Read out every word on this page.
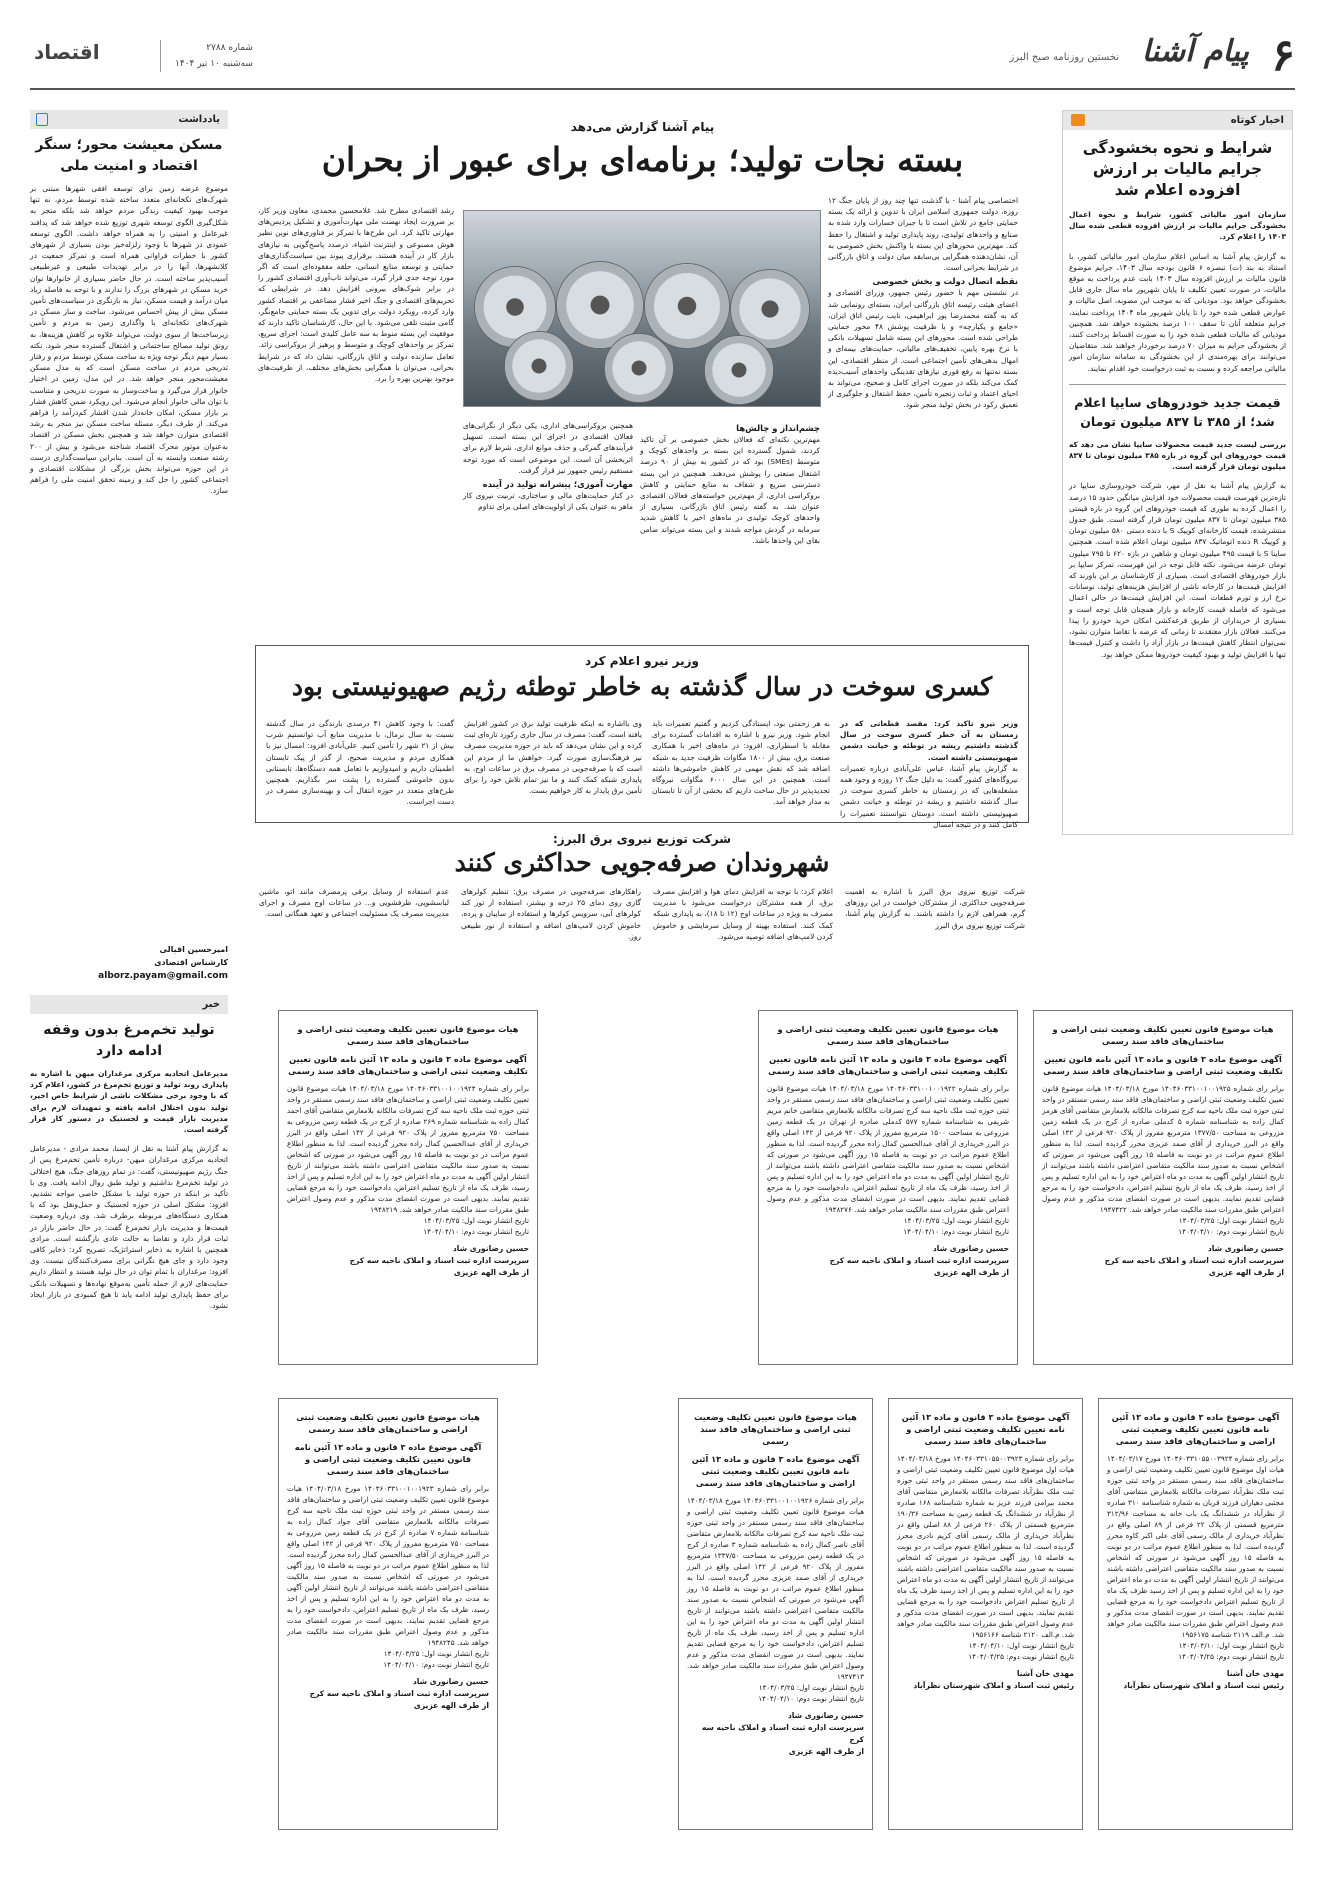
۶
پیام آشنا
نخستین روزنامه صبح البرز
شماره ۲۷۸۸
سه‌شنبه ۱۰ تیر ۱۴۰۴
اقتصاد
اخبار کوتاه
شرایط و نحوه بخشودگی جرایم مالیات بر ارزش افزوده اعلام شد

سازمان امور مالیاتی کشور، شرایط و نحوه اعمال بخشودگی جرایم مالیات بر ارزش افزوده قطعی شده سال ۱۴۰۳ را اعلام کرد.

به گزارش پیام آشنا به اساس اعلام سازمان امور مالیاتی کشور، با استناد به بند (ت) تبصره ۶ قانون بودجه سال ۱۴۰۳، جرایم موضوع قانون مالیات بر ارزش افزوده سال ۱۴۰۳ بابت عدم پرداخت به موقع مالیات، در صورت تعیین تکلیف تا پایان شهریور ماه سال جاری قابل بخشودگی خواهد بود. مودیانی که به موجب این مصوبه، اصل مالیات و عوارض قطعی شده خود را تا پایان شهریور ماه ۱۴۰۴ پرداخت نمایند، جرایم متعلقه آنان تا سقف ۱۰۰ درصد بخشوده خواهد شد. همچنین مودیانی که مالیات قطعی شده خود را به صورت اقساط پرداخت کنند، از بخشودگی جرایم به میزان ۷۰ درصد برخوردار خواهند شد. متقاضیان می‌توانند برای بهره‌مندی از این بخشودگی به سامانه سازمان امور مالیاتی مراجعه کرده و نسبت به ثبت درخواست خود اقدام نمایند.

قیمت جدید خودروهای سایپا اعلام شد؛ از ۳۸۵ تا ۸۳۷ میلیون تومان

بررسی لیست جدید قیمت محصولات سایپا نشان می دهد که قیمت خودروهای این گروه در بازه ۳۸۵ میلیون تومان تا ۸۳۷ میلیون تومان قرار گرفته است.

به گزارش پیام آشنا به نقل از مهر، شرکت خودروسازی سایپا در تازه‌ترین فهرست قیمت محصولات خود افزایش میانگین حدود ۱۵ درصد را اعمال کرده به طوری که قیمت خودروهای این گروه در بازه قیمتی ۳۸۵ میلیون تومان تا ۸۳۷ میلیون تومان قرار گرفته است. طبق جدول منتشرشده، قیمت کارخانه‌ای کوییک S با دنده دستی ۵۸۰ میلیون تومان و کوییک R دنده اتوماتیک ۸۳۷ میلیون تومان اعلام شده است. همچنین ساینا S با قیمت ۴۹۵ میلیون تومان و شاهین در بازه ۶۲۰ تا ۷۹۵ میلیون تومان عرضه می‌شود. نکته قابل توجه در این فهرست، تمرکز سایپا بر بازار خودروهای اقتصادی است. بسیاری از کارشناسان بر این باورند که افزایش قیمت‌ها در کارخانه ناشی از افزایش هزینه‌های تولید، نوسانات نرخ ارز و تورم قطعات است. این افزایش قیمت‌ها در حالی اعمال می‌شود که فاصله قیمت کارخانه و بازار همچنان قابل توجه است و بسیاری از خریداران از طریق قرعه‌کشی امکان خرید خودرو را پیدا می‌کنند. فعالان بازار معتقدند تا زمانی که عرضه با تقاضا متوازن نشود، نمی‌توان انتظار کاهش قیمت‌ها در بازار آزاد را داشت و کنترل قیمت‌ها تنها با افزایش تولید و بهبود کیفیت خودروها ممکن خواهد بود.

پیام آشنا گزارش می‌دهد
بسته نجات تولید؛ برنامه‌ای برای عبور از بحران

اختصاصی پیام آشنا - با گذشت تنها چند روز از پایان جنگ ۱۲ روزه، دولت جمهوری اسلامی ایران با تدوین و ارائه یک بسته حمایتی جامع در تلاش است تا با جبران خسارات وارد شده به صنایع و واحدهای تولیدی، روند پایداری تولید و اشتغال را حفظ کند. مهم‌ترین محورهای این بسته با واکنش بخش خصوصی به آن، نشان‌دهنده همگرایی بی‌سابقه میان دولت و اتاق بازرگانی در شرایط بحرانی است.

نقطه اتصال دولت و بخش خصوصی

در نشستی مهم با حضور رئیس جمهور، وزرای اقتصادی و اعضای هیئت رئیسه اتاق بازرگانی ایران، بسته‌ای رونمایی شد که به گفته محمدرضا پور ابراهیمی، نایب رئیس اتاق ایران، «جامع و یکپارچه» و با ظرفیت پوشش ۴۸ محور حمایتی طراحی شده است. محورهای این بسته شامل تسهیلات بانکی با نرخ بهره پایین، تخفیف‌های مالیاتی، حمایت‌های بیمه‌ای و امهال بدهی‌های تأمین اجتماعی است. از منظر اقتصادی، این بسته نه‌تنها به رفع فوری نیازهای تقدینگی واحدهای آسیب‌دیده کمک می‌کند بلکه در صورت اجرای کامل و صحیح، می‌تواند به احیای اعتماد و ثبات زنجیره تأمین، حفظ اشتغال و جلوگیری از تعمیق رکود در بخش تولید منجر شود.

چشم‌انداز و چالش‌ها

مهم‌ترین نکته‌ای که فعالان بخش خصوصی بر آن تاکید کردند، شمول گسترده این بسته بر واحدهای کوچک و متوسط (SMEs) بود که در کشور به بیش از ۹۰ درصد اشتغال صنعتی را پوشش می‌دهند. همچنین در این بسته دسترسی سریع و شفاف به منابع حمایتی و کاهش بروکراسی اداری، از مهم‌ترین خواسته‌های فعالان اقتصادی عنوان شد. به گفته رئیس اتاق بازرگانی، بسیاری از واحدهای کوچک تولیدی در ماه‌های اخیر با کاهش شدید سرمایه در گردش مواجه شدند و این بسته می‌تواند ضامن بقای این واحدها باشد.

همچنین بروکراسی‌های اداری، یکی دیگر از نگرانی‌های فعالان اقتصادی در اجرای این بسته است. تسهیل فرآیندهای گمرکی و حذف موانع اداری، شرط لازم برای اثربخشی آن است. این موضوعی است که مورد توجه مستقیم رئیس جمهور نیز قرار گرفت.

مهارت آموزی؛ پیشرانه تولید در آینده

در کنار حمایت‌های مالی و ساختاری، تربیت نیروی کار ماهر به عنوان یکی از اولویت‌های اصلی برای تداوم

رشد اقتصادی مطرح شد. غلامحسین محمدی، معاون وزیر کار، بر ضرورت ایجاد نهضت ملی مهارت‌آموزی و تشکیل پردیس‌های مهارتی تاکید کرد. این طرح‌ها با تمرکز بر فناوری‌های نوین نظیر هوش مصنوعی و اینترنت اشیاء، درصدد پاسخ‌گویی به نیازهای بازار کار در آینده هستند. برقراری پیوند بین سیاست‌گذاری‌های حمایتی و توسعه منابع انسانی، حلقه مفقوده‌ای است که اگر مورد توجه جدی قرار گیرد، می‌تواند تاب‌آوری اقتصادی کشور را در برابر شوک‌های بیرونی افزایش دهد. در شرایطی که تحریم‌های اقتصادی و جنگ اخیر فشار مضاعفی بر اقتصاد کشور وارد کرده، رویکرد دولت برای تدوین یک بسته حمایتی جامع‌نگر، گامی مثبت تلقی می‌شود. با این حال، کارشناسان تاکید دارند که موفقیت این بسته منوط به سه عامل کلیدی است: اجرای سریع، تمرکز بر واحدهای کوچک و متوسط و پرهیز از بروکراسی زائد. تعامل سازنده دولت و اتاق بازرگانی، نشان داد که در شرایط بحرانی، می‌توان با همگرایی بخش‌های مختلف، از ظرفیت‌های موجود بهترین بهره را برد.

وزیر نیرو اعلام کرد
کسری سوخت در سال گذشته به خاطر توطئه رژیم صهیونیستی بود

وزیر نیرو تاکید کرد: مقصد قطعاتی که در زمستان به آن خطر کسری سوخت در سال گذشته داشتیم ریشه در توطئه و خیانت دشمن صهیونیستی داشته است.

به گزارش پیام آشنا، عباس علی‌آبادی درباره تعمیرات نیروگاه‌های کشور گفت: به دلیل جنگ ۱۲ روزه و وجود همه مشغله‌هایی که در زمستان به خاطر کسری سوخت در سال گذشته داشتیم و ریشه در توطئه و خیانت دشمن صهیونیستی داشته است. دوستان نتوانستند تعمیرات را کامل کنند و در نتیجه امسال

به هر زحمتی بود، ایستادگی کردیم و گفتیم تعمیرات باید انجام شود. وزیر نیرو با اشاره به اقدامات گسترده برای مقابله با اسطراری، افزود: در ماه‌های اخیر با همکاری صنعت برق، بیش از ۱۸۰۰ مگاوات ظرفیت جدید به شبکه اضافه شد که نقش مهمی در کاهش خاموشی‌ها داشته است. همچنین در این سال ۶۰۰۰ مگاوات نیروگاه تجدیدپذیر در حال ساخت داریم که بخشی از آن تا تابستان به مدار خواهد آمد.

وی بااشاره به اینکه ظرفیت تولید برق در کشور افزایش یافته است، گفت: مصرف در سال جاری رکورد تازه‌ای ثبت کرده و این نشان می‌دهد که باید در حوزه مدیریت مصرف نیز فرهنگ‌سازی صورت گیرد. خواهش ما از مردم این است که با صرفه‌جویی در مصرف برق در ساعات اوج، به پایداری شبکه کمک کنند و ما نیز تمام تلاش خود را برای تأمین برق پایدار به کار خواهیم بست.

گفت: با وجود کاهش ۴۱ درصدی بارندگی در سال گذشته نسبت به سال نرمال، با مدیریت منابع آب توانستیم شرب بیش از ۲۱ شهر را تأمین کنیم. علی‌آبادی افزود: امسال نیز با همکاری مردم و مدیریت صحیح، از گذر از پیک تابستان اطمینان داریم و امیدواریم با تعامل همه دستگاه‌ها، تابستانی بدون خاموشی گسترده را پشت سر بگذاریم. همچنین طرح‌های متعدد در حوزه انتقال آب و بهینه‌سازی مصرف در دست اجراست.

شرکت توزیع نیروی برق البرز:
شهروندان صرفه‌جویی حداکثری کنند

شرکت توزیع نیروی برق البرز با اشاره به اهمیت صرفه‌جویی حداکثری، از مشترکان خواست در این روزهای گرم، همراهی لازم را داشته باشند. به گزارش پیام آشنا، شرکت توزیع نیروی برق البرز

اعلام کرد: با توجه به افزایش دمای هوا و افزایش مصرف برق، از همه مشترکان درخواست می‌شود با مدیریت مصرف به ویژه در ساعات اوج (۱۲ تا ۱۸)، به پایداری شبکه کمک کنند. استفاده بهینه از وسایل سرمایشی و خاموش کردن لامپ‌های اضافه توصیه می‌شود.

راهکارهای صرفه‌جویی در مصرف برق: تنظیم کولرهای گازی روی دمای ۲۵ درجه و بیشتر، استفاده از تور کند کولرهای آبی، سرویس کولرها و استفاده از سایبان و پرده، خاموش کردن لامپ‌های اضافه و استفاده از نور طبیعی روز.

عدم استفاده از وسایل برقی پرمصرف مانند اتو، ماشین لباسشویی، ظرفشویی و... در ساعات اوج مصرف و اجرای مدیریت مصرف یک مسئولیت اجتماعی و تعهد همگانی است.

یادداشت
مسکن معیشت محور؛ سنگر اقتصاد و امنیت ملی

موضوع عرضه زمین برای توسعه افقی شهرها مبتنی بر شهرک‌های تکخانه‌ای متعدد ساخته شده توسط مردم، نه تنها موجب بهبود کیفیت زندگی مردم خواهد شد بلکه منجر به شکل‌گیری الگوی توسعه شهری توزیع شده خواهد شد که پدافند غیرعامل و امنیتی را به همراه خواهد داشت. الگوی توسعه عمودی در شهرها با وجود زلزله‌خیز بودن بسیاری از شهرهای کشور با خطرات فراوانی همراه است و تمرکز جمعیت در کلانشهرها، آنها را در برابر تهدیدات طبیعی و غیرطبیعی آسیب‌پذیر ساخته است. در حال حاضر بسیاری از خانوارها توان خرید مسکن در شهرهای بزرگ را ندارند و با توجه به فاصله زیاد میان درآمد و قیمت مسکن، نیاز به بازنگری در سیاست‌های تأمین مسکن بیش از پیش احساس می‌شود. ساخت و ساز مسکن در شهرک‌های تکخانه‌ای با واگذاری زمین به مردم و تأمین زیرساخت‌ها از سوی دولت، می‌تواند علاوه بر کاهش هزینه‌ها، به رونق تولید مصالح ساختمانی و اشتغال گسترده منجر شود. نکته بسیار مهم دیگر توجه ویژه به ساخت مسکن توسط مردم و رفتار تدریجی مردم در ساخت مسکن است که به مدل مسکن معیشت‌محور منجر خواهد شد. در این مدل، زمین در اختیار خانوار قرار می‌گیرد و ساخت‌وساز به صورت تدریجی و متناسب با توان مالی خانوار انجام می‌شود. این رویکرد ضمن کاهش فشار بر بازار مسکن، امکان خانه‌دار شدن اقشار کم‌درآمد را فراهم می‌کند. از طرف دیگر، مسئله ساخت مسکن نیز منجر به رشد اقتصادی متوازن خواهد شد و همچنین بخش مسکن در اقتصاد به‌عنوان موتور محرک اقتصاد شناخته می‌شود و بیش از ۲۰۰ رشته صنعت وابسته به آن است. بنابراین سیاست‌گذاری درست در این حوزه می‌تواند بخش بزرگی از مشکلات اقتصادی و اجتماعی کشور را حل کند و زمینه تحقق امنیت ملی را فراهم سازد.

امیرحسین اقبالی
کارشناس اقتصادی
alborz.payam@gmail.com
خبر
تولید تخم‌مرغ بدون وقفه ادامه دارد

مدیرعامل اتحادیه مرکزی مرغداران میهن با اشاره به پایداری روند تولید و توزیع تخم‌مرغ در کشور، اعلام کرد که با وجود برخی مشکلات ناشی از شرایط خاص اخیر، تولید بدون اختلال ادامه یافته و تمهیدات لازم برای مدیریت بازار قیمت و لجستیک در دستور کار قرار گرفته است.

به گزارش پیام آشنا به نقل از ایسنا، محمد مرادی - مدیرعامل اتحادیه مرکزی مرغداران میهن- درباره تأمین تخم‌مرغ پس از جنگ رژیم صهیونیستی، گفت: در تمام روزهای جنگ، هیچ اختلالی در تولید تخم‌مرغ نداشتیم و تولید طبق روال ادامه یافت. وی با تأکید بر اینکه در حوزه تولید با مشکل خاصی مواجه نشدیم، افزود: مشکل اصلی در حوزه لجستیک و حمل‌ونقل بود که با همکاری دستگاه‌های مربوطه برطرف شد. وی درباره وضعیت قیمت‌ها و مدیریت بازار تخم‌مرغ گفت: در حال حاضر بازار در ثبات قرار دارد و تقاضا به حالت عادی بازگشته است. مرادی همچنین با اشاره به ذخایر استراتژیک، تصریح کرد: ذخایر کافی وجود دارد و جای هیچ نگرانی برای مصرف‌کنندگان نیست. وی افزود: مرغداران با تمام توان در حال تولید هستند و انتظار داریم حمایت‌های لازم از جمله تأمین به‌موقع نهاده‌ها و تسهیلات بانکی برای حفظ پایداری تولید ادامه یابد تا هیچ کمبودی در بازار ایجاد نشود.

هیات موضوع قانون تعیین تکلیف وضعیت ثبتی اراضی و ساختمان‌های فاقد سند رسمی
آگهی موضوع ماده ۳ قانون و ماده ۱۳ آئین نامه قانون تعیین تکلیف وضعیت ثبتی اراضی و ساختمان‌های فاقد سند رسمی

برابر رای شماره ۱۴۰۴۶۰۳۳۱۰۰۱۰۰۱۹۲۵ مورخ ۱۴۰۴/۰۳/۱۸ هیات موضوع قانون تعیین تکلیف وضعیت ثبتی اراضی و ساختمان‌های فاقد سند رسمی مستقر در واحد ثبتی حوزه ثبت ملک ناحیه سه کرج تصرفات مالکانه بلامعارض متقاضی آقای هرمز کمال زاده به شناسنامه شماره ۵ کدملی صادره از کرج در یک قطعه زمین مزروعی به مساحت ۱۳۷۷/۵۰ مترمربع مفروز از پلاک ۹۲۰ فرعی از ۱۴۲ اصلی واقع در البرز خریداری از آقای صمد عزیزی محرز گردیده است. لذا به منظور اطلاع عموم مراتب در دو نوبت به فاصله ۱۵ روز آگهی می‌شود در صورتی که اشخاص نسبت به صدور سند مالکیت متقاضی اعتراضی داشته باشند می‌توانند از تاریخ انتشار اولین آگهی به مدت دو ماه اعتراض خود را به این اداره تسلیم و پس از اخذ رسید، ظرف یک ماه از تاریخ تسلیم اعتراض، دادخواست خود را به مرجع قضایی تقدیم نمایند. بدیهی است در صورت انقضای مدت مذکور و عدم وصول اعتراض طبق مقررات سند مالکیت صادر خواهد شد. ۱۹۴۷۴۲۲

تاریخ انتشار نوبت اول: ۱۴۰۴/۰۳/۲۵
تاریخ انتشار نوبت دوم: ۱۴۰۴/۰۴/۱۰

حسین رضانوری شاد
سرپرست اداره ثبت اسناد و املاک ناحیه سه کرج
از طرف الهه عزیزی
هیات موضوع قانون تعیین تکلیف وضعیت ثبتی اراضی و ساختمان‌های فاقد سند رسمی
آگهی موضوع ماده ۳ قانون و ماده ۱۳ آئین نامه قانون تعیین تکلیف وضعیت ثبتی اراضی و ساختمان‌های فاقد سند رسمی

برابر رای شماره ۱۴۰۴۶۰۳۳۱۰۰۱۰۰۱۹۲۲ مورخ ۱۴۰۴/۰۳/۱۸ هیات موضوع قانون تعیین تکلیف وضعیت ثبتی اراضی و ساختمان‌های فاقد سند رسمی مستقر در واحد ثبتی حوزه ثبت ملک ناحیه سه کرج تصرفات مالکانه بلامعارض متقاضی خانم مریم شریفی به شناسنامه شماره ۵۷۷ کدملی صادره از تهران در یک قطعه زمین مزروعی به مساحت ۱۵۰۰ مترمربع مفروز از پلاک ۹۲۰ فرعی از ۱۴۲ اصلی واقع در البرز خریداری از آقای عبدالحسین کمال زاده محرز گردیده است. لذا به منظور اطلاع عموم مراتب در دو نوبت به فاصله ۱۵ روز آگهی می‌شود در صورتی که اشخاص نسبت به صدور سند مالکیت متقاضی اعتراضی داشته باشند می‌توانند از تاریخ انتشار اولین آگهی به مدت دو ماه اعتراض خود را به این اداره تسلیم و پس از اخذ رسید، ظرف یک ماه از تاریخ تسلیم اعتراض، دادخواست خود را به مرجع قضایی تقدیم نمایند. بدیهی است در صورت انقضای مدت مذکور و عدم وصول اعتراض طبق مقررات سند مالکیت صادر خواهد شد. ۱۹۴۸۲۷۶

تاریخ انتشار نوبت اول: ۱۴۰۴/۰۳/۲۵
تاریخ انتشار نوبت دوم: ۱۴۰۴/۰۴/۱۰

حسین رضانوری شاد
سرپرست اداره ثبت اسناد و املاک ناحیه سه کرج
از طرف الهه عزیزی
هیات موضوع قانون تعیین تکلیف وضعیت ثبتی اراضی و ساختمان‌های فاقد سند رسمی
آگهی موضوع ماده ۳ قانون و ماده ۱۳ آئین نامه قانون تعیین تکلیف وضعیت ثبتی اراضی و ساختمان‌های فاقد سند رسمی

برابر رای شماره ۱۴۰۴۶۰۳۳۱۰۰۱۰۰۱۹۲۴ مورخ ۱۴۰۴/۰۳/۱۸ هیات موضوع قانون تعیین تکلیف وضعیت ثبتی اراضی و ساختمان‌های فاقد سند رسمی مستقر در واحد ثبتی حوزه ثبت ملک ناحیه سه کرج تصرفات مالکانه بلامعارض متقاضی آقای احمد کمال زاده به شناسنامه شماره ۲۶۹ صادره از کرج در یک قطعه زمین مزروعی به مساحت ۷۵۰ مترمربع مفروز از پلاک ۹۲۰ فرعی از ۱۴۲ اصلی واقع در البرز خریداری از آقای عبدالحسین کمال زاده محرز گردیده است. لذا به منظور اطلاع عموم مراتب در دو نوبت به فاصله ۱۵ روز آگهی می‌شود در صورتی که اشخاص نسبت به صدور سند مالکیت متقاضی اعتراضی داشته باشند می‌توانند از تاریخ انتشار اولین آگهی به مدت دو ماه اعتراض خود را به این اداره تسلیم و پس از اخذ رسید، ظرف یک ماه از تاریخ تسلیم اعتراض، دادخواست خود را به مرجع قضایی تقدیم نمایند. بدیهی است در صورت انقضای مدت مذکور و عدم وصول اعتراض طبق مقررات سند مالکیت صادر خواهد شد. ۱۹۴۸۲۱۹

تاریخ انتشار نوبت اول: ۱۴۰۴/۰۳/۲۵
تاریخ انتشار نوبت دوم: ۱۴۰۴/۰۴/۱۰

حسین رضانوری شاد
سرپرست اداره ثبت اسناد و املاک ناحیه سه کرج
از طرف الهه عزیزی
آگهی موضوع ماده ۳ قانون و ماده ۱۳ آئین نامه قانون تعیین تکلیف وضعیت ثبتی اراضی و ساختمان‌های فاقد سند رسمی

برابر رای شماره ۱۴۰۴۶۰۳۳۱۰۵۵۰۰۳۹۲۴ مورخ ۱۴۰۴/۰۳/۱۷ هیات اول موضوع قانون تعیین تکلیف وضعیت ثبتی اراضی و ساختمان‌های فاقد سند رسمی مستقر در واحد ثبتی حوزه ثبت ملک نظرآباد تصرفات مالکانه بلامعارض متقاضی آقای مجتبی دهیاران فرزند قربان به شماره شناسنامه ۳۱۰ صادره از نظرآباد در ششدانگ یک باب خانه به مساحت ۳۱۲/۹۶ مترمربع قسمتی از پلاک ۲۲ فرعی از ۸۹ اصلی واقع در نظرآباد خریداری از مالک رسمی آقای علی اکبر کاوه محرز گردیده است. لذا به منظور اطلاع عموم مراتب در دو نوبت به فاصله ۱۵ روز آگهی می‌شود در صورتی که اشخاص نسبت به صدور سند مالکیت متقاضی اعتراضی داشته باشند می‌توانند از تاریخ انتشار اولین آگهی به مدت دو ماه اعتراض خود را به این اداره تسلیم و پس از اخذ رسید ظرف یک ماه از تاریخ تسلیم اعتراض دادخواست خود را به مرجع قضایی تقدیم نمایند. بدیهی است در صورت انقضای مدت مذکور و عدم وصول اعتراض طبق مقررات سند مالکیت صادر خواهد شد. م.الف ۲۱۱۹ شناسه ۱۹۵۶۱۷۵

تاریخ انتشار نوبت اول: ۱۴۰۴/۰۴/۱۰
تاریخ انتشار نوبت دوم: ۱۴۰۴/۰۴/۲۵

مهدی خان آشنا
رئیس ثبت اسناد و املاک شهرستان نظرآباد
آگهی موضوع ماده ۳ قانون و ماده ۱۳ آئین نامه تعیین تکلیف وضعیت ثبتی اراضی و ساختمان‌های فاقد سند رسمی

برابر رای شماره ۱۴۰۴۶۰۳۳۱۰۵۵۰۰۳۹۲۳ مورخ ۱۴۰۴/۰۳/۱۸ هیات اول موضوع قانون تعیین تکلیف وضعیت ثبتی اراضی و ساختمان‌های فاقد سند رسمی مستقر در واحد ثبتی حوزه ثبت ملک نظرآباد تصرفات مالکانه بلامعارض متقاضی آقای محمد بیرامی فرزند عزیز به شماره شناسنامه ۱۶۸ صادره از نظرآباد در ششدانگ یک قطعه زمین به مساحت ۱۹۰/۳۶ مترمربع قسمتی از پلاک ۲۶۰ فرعی از ۸۸ اصلی واقع در نظرآباد خریداری از مالک رسمی آقای کریم نادری محرز گردیده است. لذا به منظور اطلاع عموم مراتب در دو نوبت به فاصله ۱۵ روز آگهی می‌شود در صورتی که اشخاص نسبت به صدور سند مالکیت متقاضی اعتراضی داشته باشند می‌توانند از تاریخ انتشار اولین آگهی به مدت دو ماه اعتراض خود را به این اداره تسلیم و پس از اخذ رسید ظرف یک ماه از تاریخ تسلیم اعتراض دادخواست خود را به مرجع قضایی تقدیم نمایند. بدیهی است در صورت انقضای مدت مذکور و عدم وصول اعتراض طبق مقررات سند مالکیت صادر خواهد شد. م.الف ۲۱۲۰ شناسه ۱۹۵۶۱۶۶

تاریخ انتشار نوبت اول: ۱۴۰۴/۰۴/۱۰
تاریخ انتشار نوبت دوم: ۱۴۰۴/۰۴/۲۵

مهدی خان آشنا
رئیس ثبت اسناد و املاک شهرستان نظرآباد
هیات موضوع قانون تعیین تکلیف وضعیت ثبتی اراضی و ساختمان‌های فاقد سند رسمی
آگهی موضوع ماده ۳ قانون و ماده ۱۳ آئین نامه قانون تعیین تکلیف وضعیت ثبتی اراضی و ساختمان‌های فاقد سند رسمی

برابر رای شماره ۱۴۰۴۶۰۳۳۱۰۰۱۰۰۱۹۲۶ مورخ ۱۴۰۴/۰۳/۱۸ هیات موضوع قانون تعیین تکلیف وضعیت ثبتی اراضی و ساختمان‌های فاقد سند رسمی مستقر در واحد ثبتی حوزه ثبت ملک ناحیه سه کرج تصرفات مالکانه بلامعارض متقاضی آقای ناصر کمال زاده به شناسنامه شماره ۳ صادره از کرج در یک قطعه زمین مزروعی به مساحت ۱۳۳۷/۵۰ مترمربع مفروز از پلاک ۹۲۰ فرعی از ۱۴۲ اصلی واقع در البرز خریداری از آقای صمد عزیزی محرز گردیده است. لذا به منظور اطلاع عموم مراتب در دو نوبت به فاصله ۱۵ روز آگهی می‌شود در صورتی که اشخاص نسبت به صدور سند مالکیت متقاضی اعتراضی داشته باشند می‌توانند از تاریخ انتشار اولین آگهی به مدت دو ماه اعتراض خود را به این اداره تسلیم و پس از اخذ رسید، ظرف یک ماه از تاریخ تسلیم اعتراض، دادخواست خود را به مرجع قضایی تقدیم نمایند. بدیهی است در صورت انقضای مدت مذکور و عدم وصول اعتراض طبق مقررات سند مالکیت صادر خواهد شد. ۱۹۴۷۴۱۳

تاریخ انتشار نوبت اول: ۱۴۰۴/۰۳/۲۵
تاریخ انتشار نوبت دوم: ۱۴۰۴/۰۴/۱۰

حسین رضانوری شاد
سرپرست اداره ثبت اسناد و املاک ناحیه سه کرج
از طرف الهه عزیزی
هیات موضوع قانون تعیین تکلیف وضعیت ثبتی اراضی و ساختمان‌های فاقد سند رسمی
آگهی موضوع ماده ۳ قانون و ماده ۱۳ آئین نامه قانون تعیین تکلیف وضعیت ثبتی اراضی و ساختمان‌های فاقد سند رسمی

برابر رای شماره ۱۴۰۴۶۰۳۳۱۰۰۱۰۰۱۹۲۳ مورخ ۱۴۰۴/۰۳/۱۸ هیات موضوع قانون تعیین تکلیف وضعیت ثبتی اراضی و ساختمان‌های فاقد سند رسمی مستقر در واحد ثبتی حوزه ثبت ملک ناحیه سه کرج تصرفات مالکانه بلامعارض متقاضی آقای جواد کمال زاده به شناسنامه شماره ۷ صادره از کرج در یک قطعه زمین مزروعی به مساحت ۷۵۰ مترمربع مفروز از پلاک ۹۲۰ فرعی از ۱۴۲ اصلی واقع در البرز خریداری از آقای عبدالحسین کمال زاده محرز گردیده است. لذا به منظور اطلاع عموم مراتب در دو نوبت به فاصله ۱۵ روز آگهی می‌شود در صورتی که اشخاص نسبت به صدور سند مالکیت متقاضی اعتراضی داشته باشند می‌توانند از تاریخ انتشار اولین آگهی به مدت دو ماه اعتراض خود را به این اداره تسلیم و پس از اخذ رسید، ظرف یک ماه از تاریخ تسلیم اعتراض، دادخواست خود را به مرجع قضایی تقدیم نمایند. بدیهی است در صورت انقضای مدت مذکور و عدم وصول اعتراض طبق مقررات سند مالکیت صادر خواهد شد. ۱۹۴۸۲۴۵

تاریخ انتشار نوبت اول: ۱۴۰۴/۰۳/۲۵
تاریخ انتشار نوبت دوم: ۱۴۰۴/۰۴/۱۰

حسین رضانوری شاد
سرپرست اداره ثبت اسناد و املاک ناحیه سه کرج
از طرف الهه عزیزی
